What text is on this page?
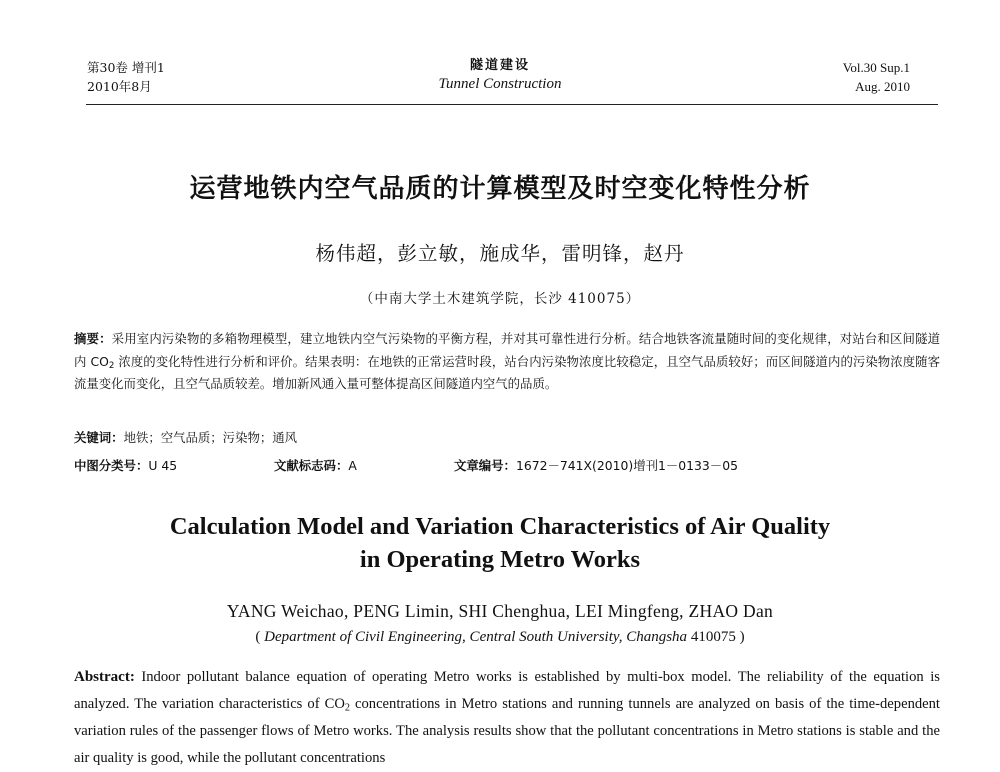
第30卷 增刊1
2010年8月
隧道建设
Tunnel Construction
Vol.30 Sup.1
Aug. 2010
运营地铁内空气品质的计算模型及时空变化特性分析
杨伟超，彭立敏，施成华，雷明锋，赵丹
（中南大学土木建筑学院，长沙 410075）

摘要：采用室内污染物的多箱物理模型，建立地铁内空气污染物的平衡方程，并对其可靠性进行分析。结合地铁客流量随时间的变化规律，对站台和区间隧道内 $CO_2$ 浓度的变化特性进行分析和评价。结果表明：在地铁的正常运营时段，站台内污染物浓度比较稳定，且空气品质较好；而区间隧道内的污染物浓度随客流量变化而变化，且空气品质较差。增加新风通入量可整体提高区间隧道内空气的品质。

关键词：地铁；空气品质；污染物；通风
中图分类号：U 45	文献标志码：A	文章编号：1672－741X(2010)增刊1－0133－05
Calculation Model and Variation Characteristics of Air Quality
in Operating Metro Works
YANG Weichao, PENG Limin, SHI Chenghua, LEI Mingfeng, ZHAO Dan
( Department of Civil Engineering, Central South University, Changsha 410075 )

Abstract: Indoor pollutant balance equation of operating Metro works is established by multi-box model. The reliability of the equation is analyzed. The variation characteristics of $CO_2$ concentrations in Metro stations and running tunnels are analyzed on basis of the time-dependent variation rules of the passenger flows of Metro works. The analysis results show that the pollutant concentrations in Metro stations is stable and the air quality is good, while the pollutant concentrations
